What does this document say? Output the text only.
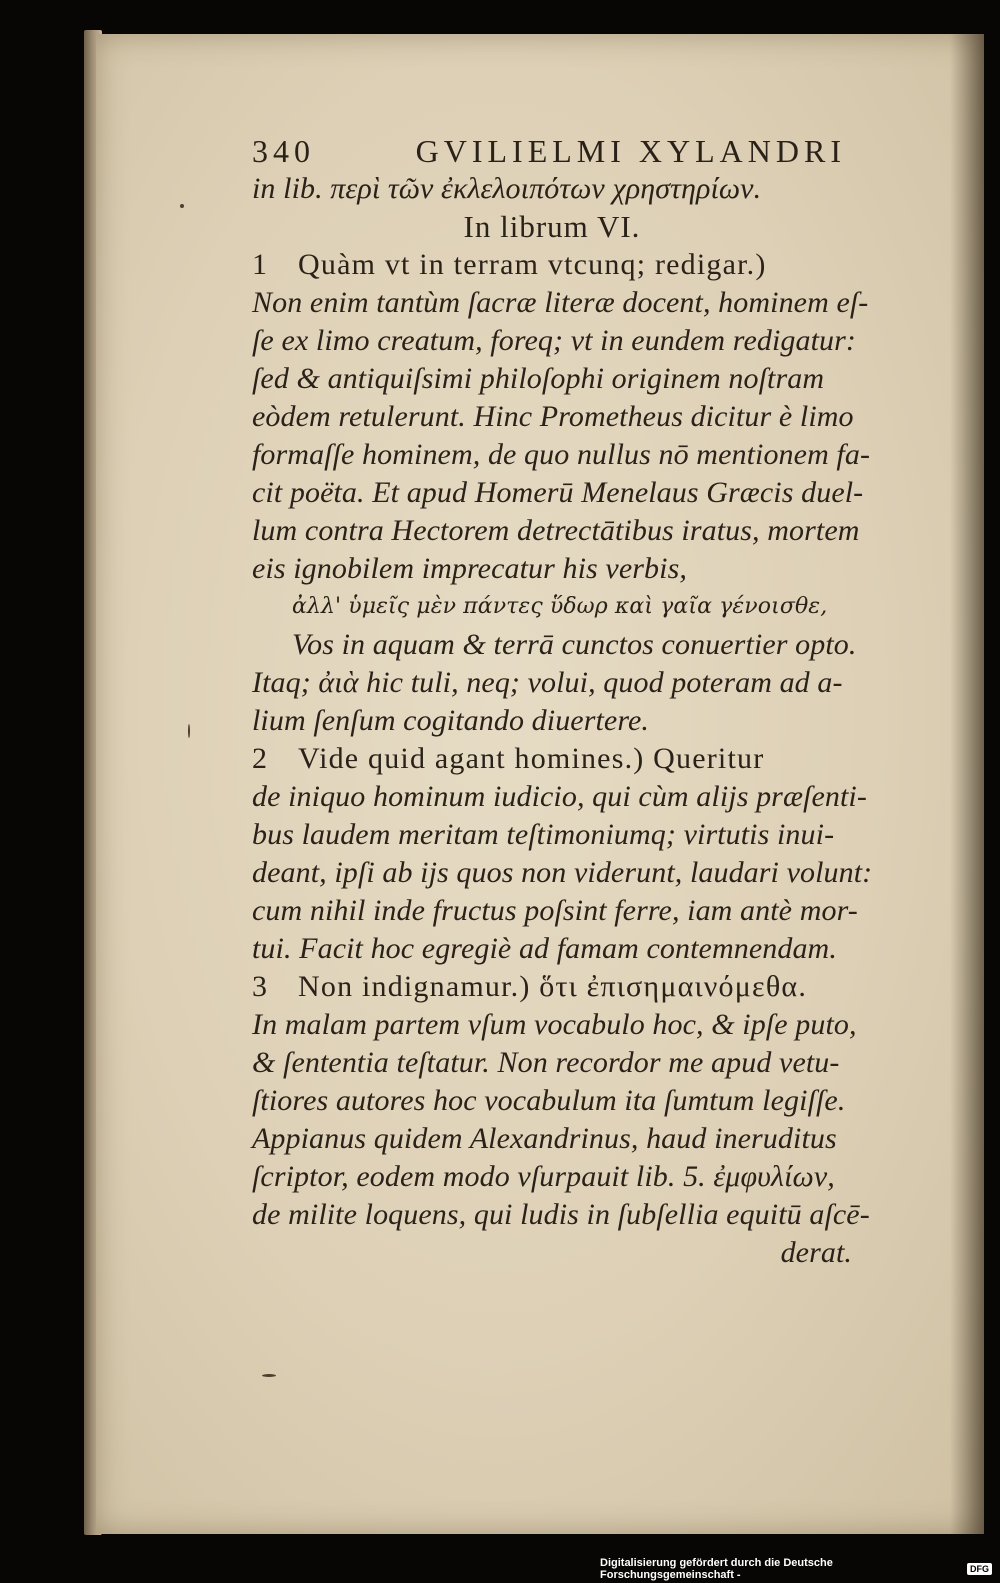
340	GVILIELMI XYLANDRI
in lib. περὶ τῶν ἐκλελοιπότων χρηστηρίων.
In librum VI.
1 Quàm vt in terram vtcunq; redigar.)
Non enim tantùm ſacræ literæ docent, hominem eſ-
ſe ex limo creatum, foreq; vt in eundem redigatur:
ſed & antiquiſsimi philoſophi originem noſtram
eòdem retulerunt. Hinc Prometheus dicitur è limo
formaſſe hominem, de quo nullus nō mentionem fa-
cit poëta. Et apud Homerū Menelaus Græcis duel-
lum contra Hectorem detrectātibus iratus, mortem
eis ignobilem imprecatur his verbis,
ἀλλ' ὑμεῖς μὲν πάντες ὕδωρ καὶ γαῖα γένοισθε,
Vos in aquam & terrā cunctos conuertier opto.
Itaq; ἀιὰ hic tuli, neq; volui, quod poteram ad a-
lium ſenſum cogitando diuertere.
2 Vide quid agant homines.) Queritur
de iniquo hominum iudicio, qui cùm alijs præſenti-
bus laudem meritam teſtimoniumq; virtutis inui-
deant, ipſi ab ijs quos non viderunt, laudari volunt:
cum nihil inde fructus poſsint ferre, iam antè mor-
tui. Facit hoc egregiè ad famam contemnendam.
3 Non indignamur.) ὅτι ἐπισημαινόμεθα.
In malam partem vſum vocabulo hoc, & ipſe puto,
& ſententia teſtatur. Non recordor me apud vetu-
ſtiores autores hoc vocabulum ita ſumtum legiſſe.
Appianus quidem Alexandrinus, haud ineruditus
ſcriptor, eodem modo vſurpauit lib. 5. ἐμφυλίων,
de milite loquens, qui ludis in ſubſellia equitū aſcē-
derat.
Digitalisierung gefördert durch die Deutsche Forschungsgemeinschaft -	DFG
